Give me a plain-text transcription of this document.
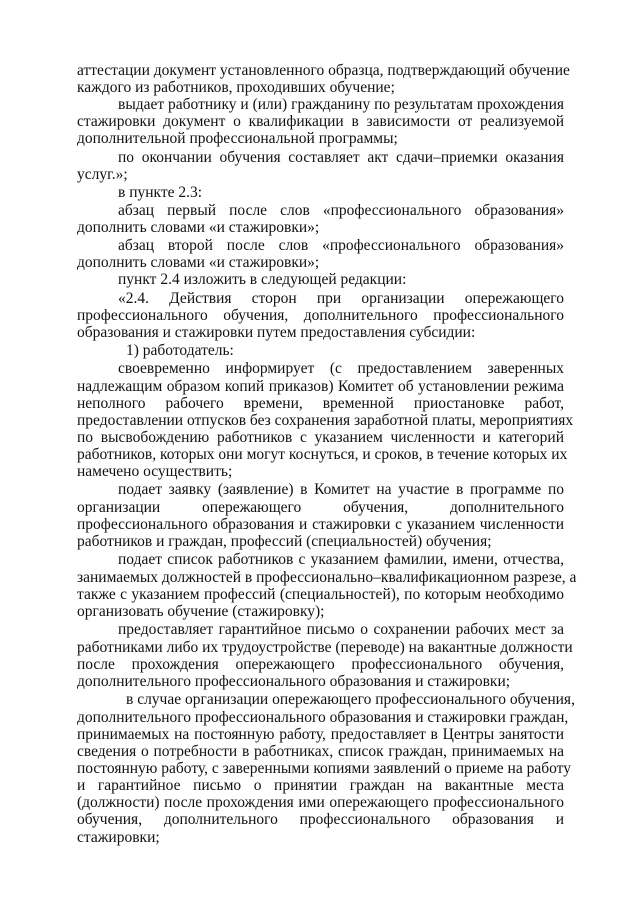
аттестации документ установленного образца, подтверждающий обучение
каждого из работников, проходивших обучение;
выдает работнику и (или) гражданину по результатам прохождения
стажировки документ о квалификации в зависимости от реализуемой
дополнительной профессиональной программы;
по окончании обучения составляет акт сдачи–приемки оказания
услуг.»;
в пункте 2.3:
абзац первый после слов «профессионального образования»
дополнить словами «и стажировки»;
абзац второй после слов «профессионального образования»
дополнить словами «и стажировки»;
пункт 2.4 изложить в следующей редакции:
«2.4. Действия сторон при организации опережающего
профессионального обучения, дополнительного профессионального
образования и стажировки путем предоставления субсидии:
1) работодатель:
своевременно информирует (с предоставлением заверенных
надлежащим образом копий приказов) Комитет об установлении режима
неполного рабочего времени, временной приостановке работ,
предоставлении отпусков без сохранения заработной платы, мероприятиях
по высвобождению работников с указанием численности и категорий
работников, которых они могут коснуться, и сроков, в течение которых их
намечено осуществить;
подает заявку (заявление) в Комитет на участие в программе по
организации опережающего обучения, дополнительного
профессионального образования и стажировки с указанием численности
работников и граждан, профессий (специальностей) обучения;
подает список работников с указанием фамилии, имени, отчества,
занимаемых должностей в профессионально–квалификационном разрезе, а
также с указанием профессий (специальностей), по которым необходимо
организовать обучение (стажировку);
предоставляет гарантийное письмо о сохранении рабочих мест за
работниками либо их трудоустройстве (переводе) на вакантные должности
после прохождения опережающего профессионального обучения,
дополнительного профессионального образования и стажировки;
в случае организации опережающего профессионального обучения,
дополнительного профессионального образования и стажировки граждан,
принимаемых на постоянную работу, предоставляет в Центры занятости
сведения о потребности в работниках, список граждан, принимаемых на
постоянную работу, с заверенными копиями заявлений о приеме на работу
и гарантийное письмо о принятии граждан на вакантные места
(должности) после прохождения ими опережающего профессионального
обучения, дополнительного профессионального образования и
стажировки;
